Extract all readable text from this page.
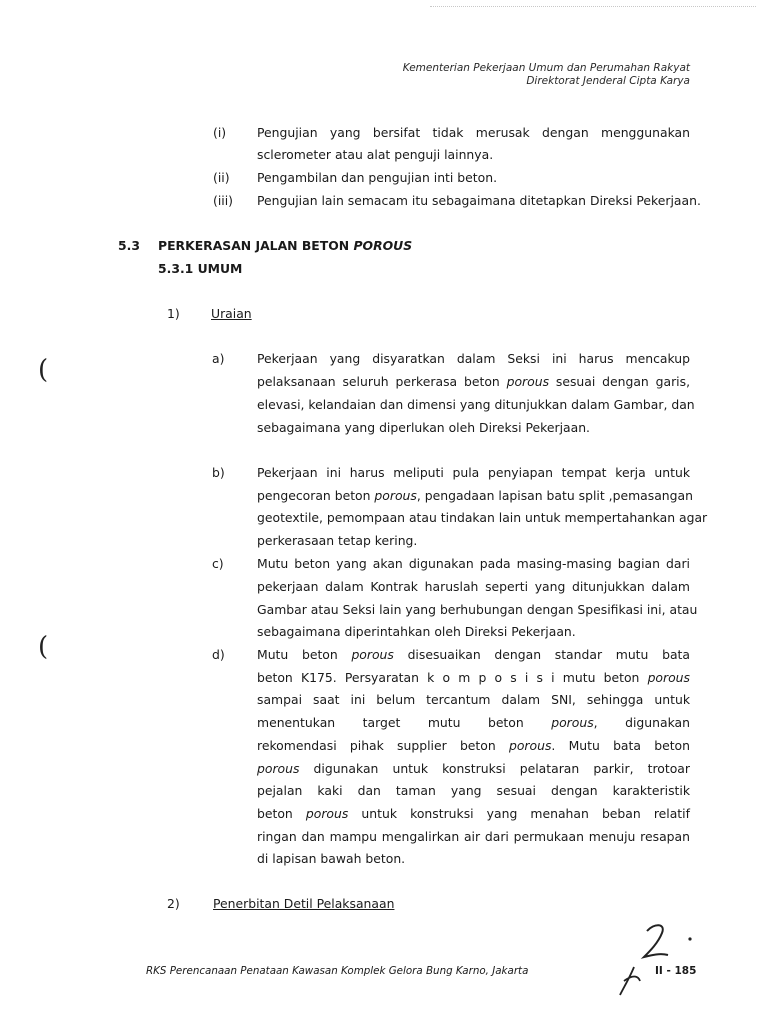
Kementerian Pekerjaan Umum dan Perumahan Rakyat
Direktorat Jenderal Cipta Karya
(i) Pengujian yang bersifat tidak merusak dengan menggunakan
sclerometer atau alat penguji lainnya.
(ii) Pengambilan dan pengujian inti beton.
(iii) Pengujian lain semacam itu sebagaimana ditetapkan Direksi Pekerjaan.
5.3 PERKERASAN JALAN BETON POROUS
5.3.1 UMUM
1)	Uraian
(
(
a)	Pekerjaan yang disyaratkan dalam Seksi ini harus mencakup
pelaksanaan seluruh perkerasa beton porous sesuai dengan garis,
elevasi, kelandaian dan dimensi yang ditunjukkan dalam Gambar, dan
sebagaimana yang diperlukan oleh Direksi Pekerjaan.
b)	Pekerjaan ini harus meliputi pula penyiapan tempat kerja untuk
pengecoran beton porous, pengadaan lapisan batu split ,pemasangan
geotextile, pemompaan atau tindakan lain untuk mempertahankan agar
perkerasaan tetap kering.
c)	Mutu beton yang akan digunakan pada masing-masing bagian dari
pekerjaan dalam Kontrak haruslah seperti yang ditunjukkan dalam
Gambar atau Seksi lain yang berhubungan dengan Spesifikasi ini, atau
sebagaimana diperintahkan oleh Direksi Pekerjaan.
d)	Mutu beton porous disesuaikan dengan standar mutu bata
beton K175. Persyaratan k o m p o s i s i mutu beton porous
sampai saat ini belum tercantum dalam SNI, sehingga untuk
menentukan target mutu beton porous, digunakan
rekomendasi pihak supplier beton porous. Mutu bata beton
porous digunakan untuk konstruksi pelataran parkir, trotoar
pejalan kaki dan taman yang sesuai dengan karakteristik
beton porous untuk konstruksi yang menahan beban relatif
ringan dan mampu mengalirkan air dari permukaan menuju resapan
di lapisan bawah beton.
2)	Penerbitan Detil Pelaksanaan
RKS Perencanaan Penataan Kawasan Komplek Gelora Bung Karno, Jakarta	II - 185
